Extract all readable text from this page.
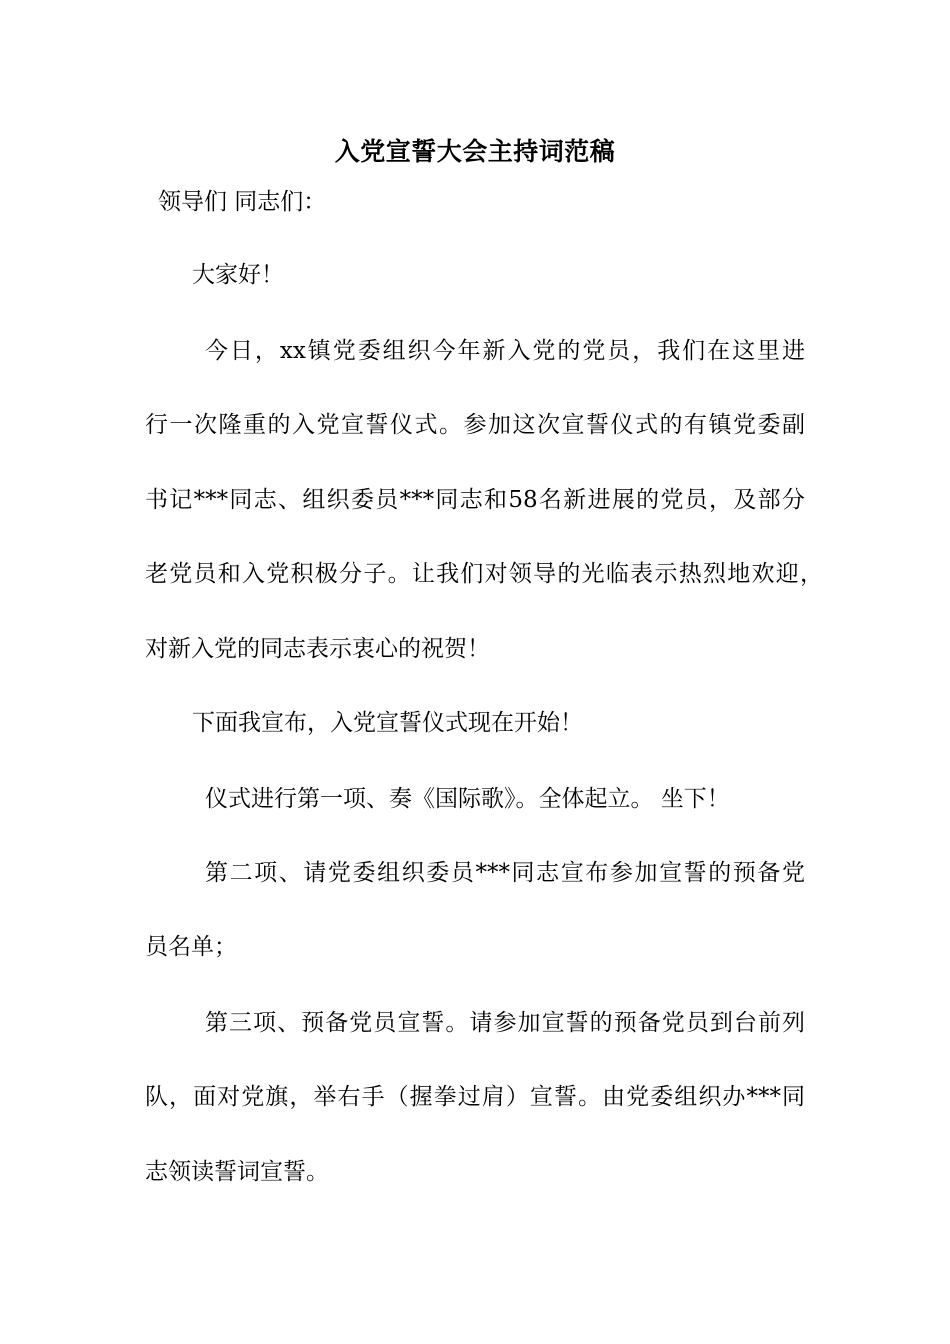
入党宣誓大会主持词范稿
领导们 同志们：
大家好！
今日，xx镇党委组织今年新入党的党员，我们在这里进
行一次隆重的入党宣誓仪式。参加这次宣誓仪式的有镇党委副
书记***同志、组织委员***同志和58名新进展的党员，及部分
老党员和入党积极分子。让我们对领导的光临表示热烈地欢迎，
对新入党的同志表示衷心的祝贺！
下面我宣布，入党宣誓仪式现在开始！
仪式进行第一项、奏《国际歌》。全体起立。 坐下！
第二项、请党委组织委员***同志宣布参加宣誓的预备党
员名单；
第三项、预备党员宣誓。请参加宣誓的预备党员到台前列
队，面对党旗，举右手（握拳过肩）宣誓。由党委组织办***同
志领读誓词宣誓。
